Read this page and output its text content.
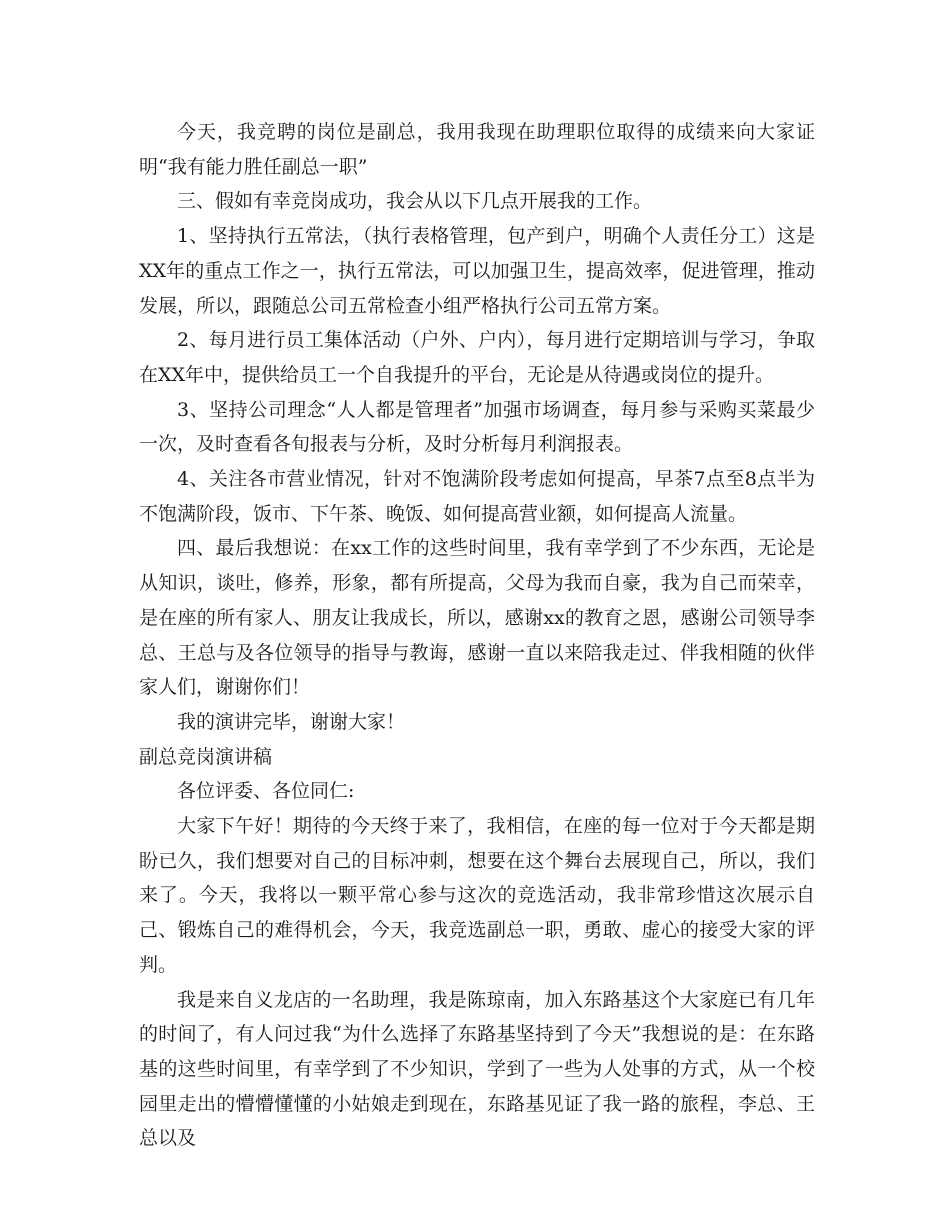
今天，我竞聘的岗位是副总，我用我现在助理职位取得的成绩来向大家证明“我有能力胜任副总一职”

三、假如有幸竞岗成功，我会从以下几点开展我的工作。

1、坚持执行五常法，（执行表格管理，包产到户，明确个人责任分工）这是XX年的重点工作之一，执行五常法，可以加强卫生，提高效率，促进管理，推动发展，所以，跟随总公司五常检查小组严格执行公司五常方案。

2、每月进行员工集体活动（户外、户内），每月进行定期培训与学习，争取在XX年中，提供给员工一个自我提升的平台，无论是从待遇或岗位的提升。

3、坚持公司理念“人人都是管理者”加强市场调查，每月参与采购买菜最少一次，及时查看各旬报表与分析，及时分析每月利润报表。

4、关注各市营业情况，针对不饱满阶段考虑如何提高，早茶7点至8点半为不饱满阶段，饭市、下午茶、晚饭、如何提高营业额，如何提高人流量。

四、最后我想说：在xx工作的这些时间里，我有幸学到了不少东西，无论是从知识，谈吐，修养，形象，都有所提高，父母为我而自豪，我为自己而荣幸，是在座的所有家人、朋友让我成长，所以，感谢xx的教育之恩，感谢公司领导李总、王总与及各位领导的指导与教诲，感谢一直以来陪我走过、伴我相随的伙伴家人们，谢谢你们！

我的演讲完毕，谢谢大家！

副总竞岗演讲稿

各位评委、各位同仁:

大家下午好！期待的今天终于来了，我相信，在座的每一位对于今天都是期盼已久，我们想要对自己的目标冲刺，想要在这个舞台去展现自己，所以，我们来了。今天，我将以一颗平常心参与这次的竞选活动，我非常珍惜这次展示自己、锻炼自己的难得机会，今天，我竞选副总一职，勇敢、虚心的接受大家的评判。

我是来自义龙店的一名助理，我是陈琼南，加入东路基这个大家庭已有几年的时间了，有人问过我“为什么选择了东路基坚持到了今天”我想说的是：在东路基的这些时间里，有幸学到了不少知识，学到了一些为人处事的方式，从一个校园里走出的懵懵懂懂的小姑娘走到现在，东路基见证了我一路的旅程，李总、王总以及
